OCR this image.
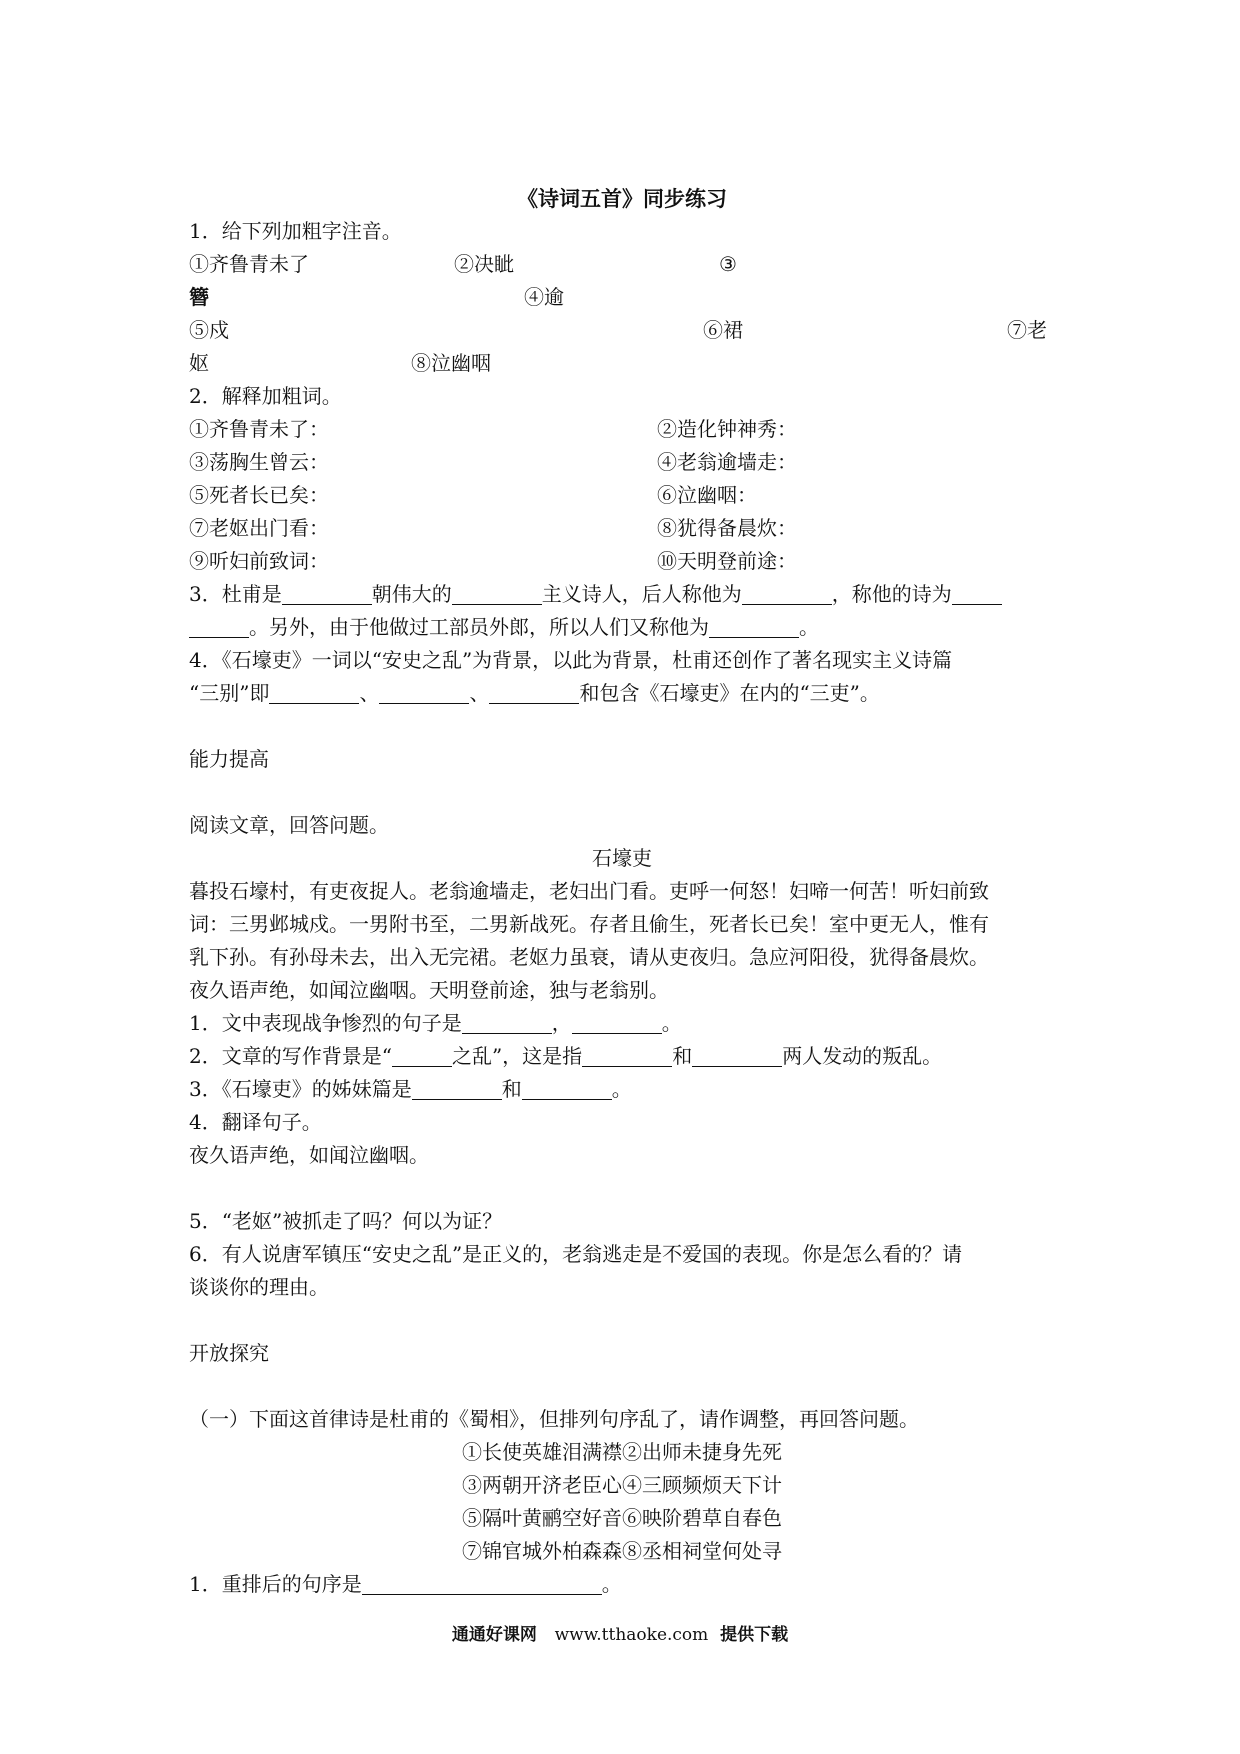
《诗词五首》同步练习
1．给下列加粗字注音。
①齐鲁青未了	②决眦	③
簪	④逾
⑤戍	⑥裙	⑦老
妪	⑧泣幽咽
2．解释加粗词。
①齐鲁青未了：	②造化钟神秀：
③荡胸生曾云：	④老翁逾墙走：
⑤死者长已矣：	⑥泣幽咽：
⑦老妪出门看：	⑧犹得备晨炊：
⑨听妇前致词：	⑩天明登前途：
3．杜甫是	朝伟大的	主义诗人，后人称他为	，称他的诗为
。另外，由于他做过工部员外郎，所以人们又称他为	。
4．《石壕吏》一词以“安史之乱”为背景，以此为背景，杜甫还创作了著名现实主义诗篇
“三别”即	、	、	和包含《石壕吏》在内的“三吏”。
能力提高
阅读文章，回答问题。
石壕吏
暮投石壕村，有吏夜捉人。老翁逾墙走，老妇出门看。吏呼一何怒！妇啼一何苦！听妇前致
词：三男邺城戍。一男附书至，二男新战死。存者且偷生，死者长已矣！室中更无人，惟有
乳下孙。有孙母未去，出入无完裙。老妪力虽衰，请从吏夜归。急应河阳役，犹得备晨炊。
夜久语声绝，如闻泣幽咽。天明登前途，独与老翁别。
1．文中表现战争惨烈的句子是	，	。
2．文章的写作背景是“	之乱”，这是指	和	两人发动的叛乱。
3．《石壕吏》的姊妹篇是	和	。
4．翻译句子。
夜久语声绝，如闻泣幽咽。
5．“老妪”被抓走了吗？何以为证？
6．有人说唐军镇压“安史之乱”是正义的，老翁逃走是不爱国的表现。你是怎么看的？请
谈谈你的理由。
开放探究
（一）下面这首律诗是杜甫的《蜀相》，但排列句序乱了，请作调整，再回答问题。
①长使英雄泪满襟②出师未捷身先死
③两朝开济老臣心④三顾频烦天下计
⑤隔叶黄鹂空好音⑥映阶碧草自春色
⑦锦官城外柏森森⑧丞相祠堂何处寻
1．重排后的句序是	。
通通好课网 www.tthaoke.com 提供下载
